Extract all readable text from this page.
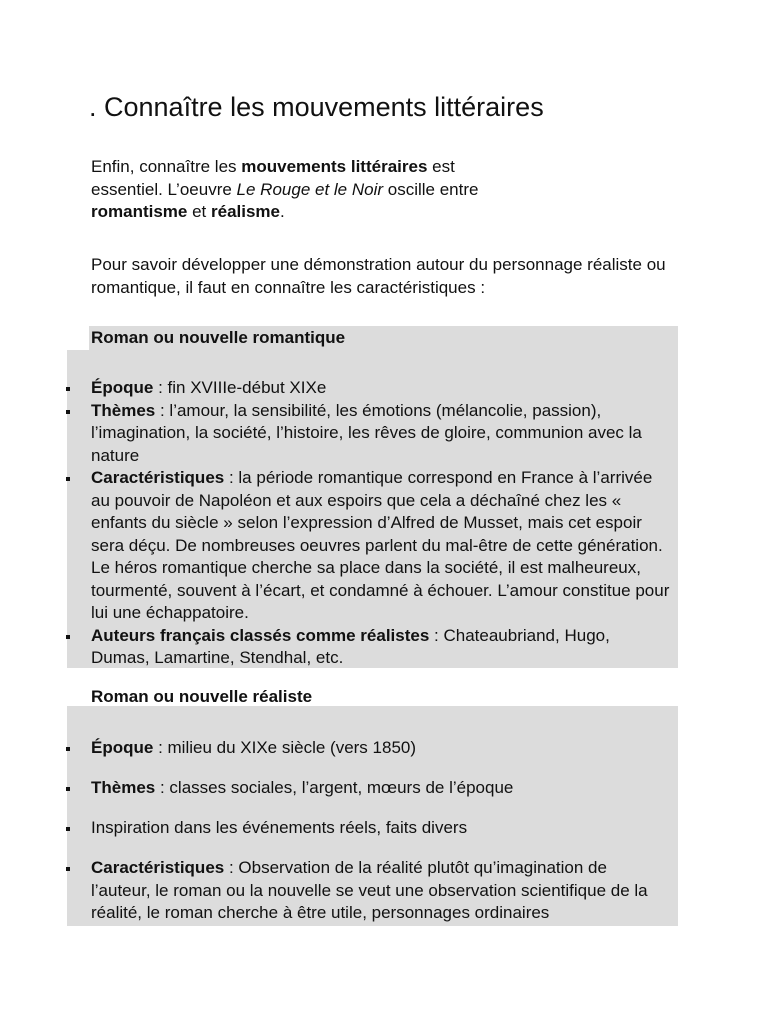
. Connaître les mouvements littéraires

Enfin, connaître les mouvements littéraires est essentiel. L’oeuvre Le Rouge et le Noir oscille entre romantisme et réalisme.

Pour savoir développer une démonstration autour du personnage réaliste ou romantique, il faut en connaître les caractéristiques :

Roman ou nouvelle romantique
Époque : fin XVIIIe-début XIXe
Thèmes : l’amour, la sensibilité, les émotions (mélancolie, passion), l’imagination, la société, l’histoire, les rêves de gloire, communion avec la nature
Caractéristiques : la période romantique correspond en France à l’arrivée au pouvoir de Napoléon et aux espoirs que cela a déchaîné chez les « enfants du siècle » selon l’expression d’Alfred de Musset, mais cet espoir sera déçu. De nombreuses oeuvres parlent du mal-être de cette génération. Le héros romantique cherche sa place dans la société, il est malheureux, tourmenté, souvent à l’écart, et condamné à échouer. L’amour constitue pour lui une échappatoire.
Auteurs français classés comme réalistes : Chateaubriand, Hugo, Dumas, Lamartine, Stendhal, etc.
Roman ou nouvelle réaliste
Époque : milieu du XIXe siècle (vers 1850)
Thèmes : classes sociales, l’argent, mœurs de l’époque
Inspiration dans les événements réels, faits divers
Caractéristiques : Observation de la réalité plutôt qu’imagination de l’auteur, le roman ou la nouvelle se veut une observation scientifique de la réalité, le roman cherche à être utile, personnages ordinaires
